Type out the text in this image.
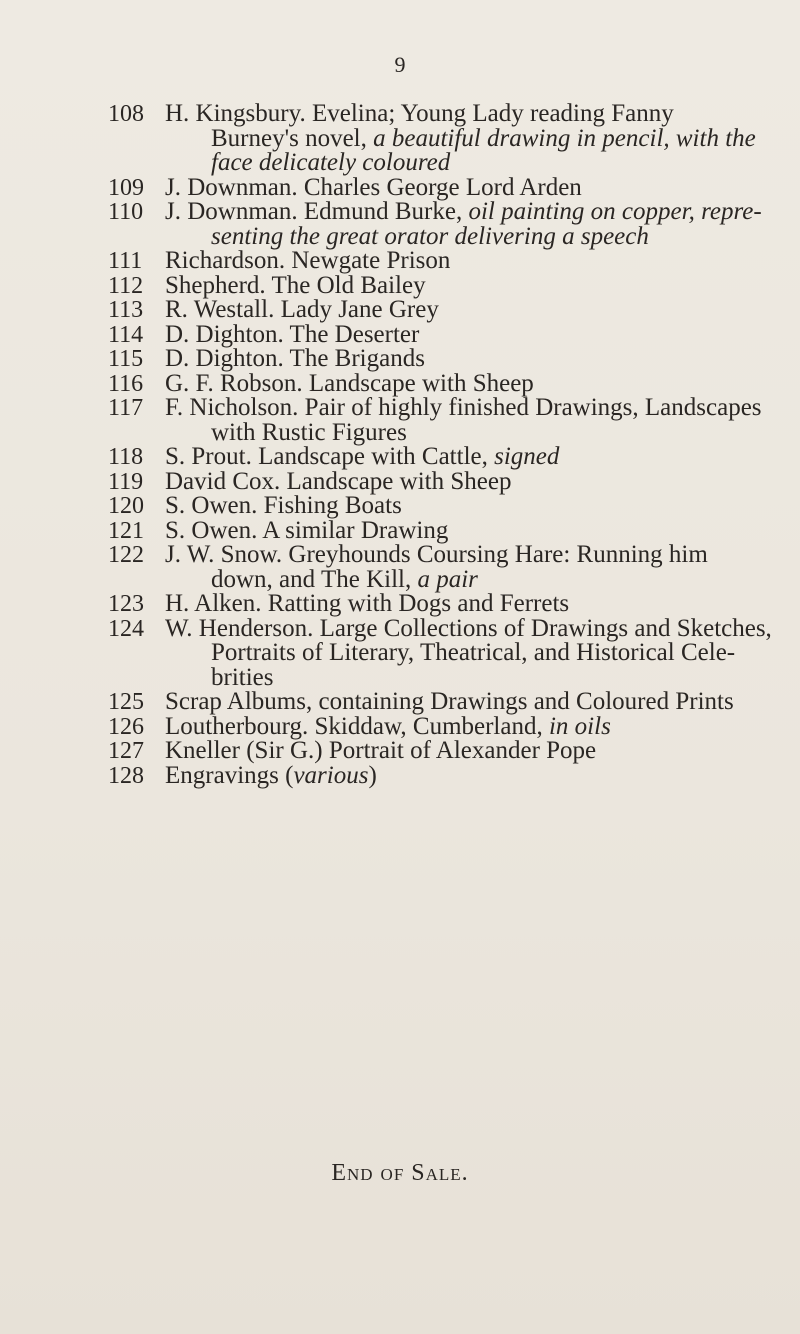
9
108 H. Kingsbury. Evelina; Young Lady reading Fanny
Burney's novel, a beautiful drawing in pencil, with the
face delicately coloured
109 J. Downman. Charles George Lord Arden
110 J. Downman. Edmund Burke, oil painting on copper, repre-
senting the great orator delivering a speech
111 Richardson. Newgate Prison
112 Shepherd. The Old Bailey
113 R. Westall. Lady Jane Grey
114 D. Dighton. The Deserter
115 D. Dighton. The Brigands
116 G. F. Robson. Landscape with Sheep
117 F. Nicholson. Pair of highly finished Drawings, Landscapes
with Rustic Figures
118 S. Prout. Landscape with Cattle, signed
119 David Cox. Landscape with Sheep
120 S. Owen. Fishing Boats
121 S. Owen. A similar Drawing
122 J. W. Snow. Greyhounds Coursing Hare: Running him
down, and The Kill, a pair
123 H. Alken. Ratting with Dogs and Ferrets
124 W. Henderson. Large Collections of Drawings and Sketches,
Portraits of Literary, Theatrical, and Historical Cele-
brities
125 Scrap Albums, containing Drawings and Coloured Prints
126 Loutherbourg. Skiddaw, Cumberland, in oils
127 Kneller (Sir G.) Portrait of Alexander Pope
128 Engravings (various)
End of Sale.
